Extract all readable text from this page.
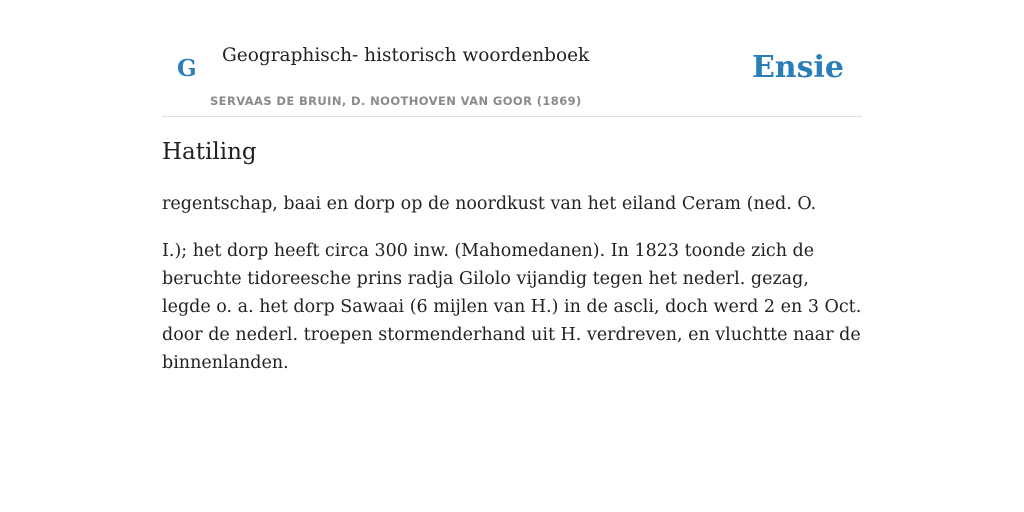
G Geographisch- historisch woordenboek
SERVAAS DE BRUIN, D. NOOTHOVEN VAN GOOR (1869)
Ensie
Hatiling

regentschap, baai en dorp op de noordkust van het eiland Ceram (ned. O.

I.); het dorp heeft circa 300 inw. (Mahomedanen). In 1823 toonde zich de beruchte tidoreesche prins radja Gilolo vijandig tegen het nederl. gezag, legde o. a. het dorp Sawaai (6 mijlen van H.) in de ascli, doch werd 2 en 3 Oct. door de nederl. troepen stormenderhand uit H. verdreven, en vluchtte naar de binnenlanden.
